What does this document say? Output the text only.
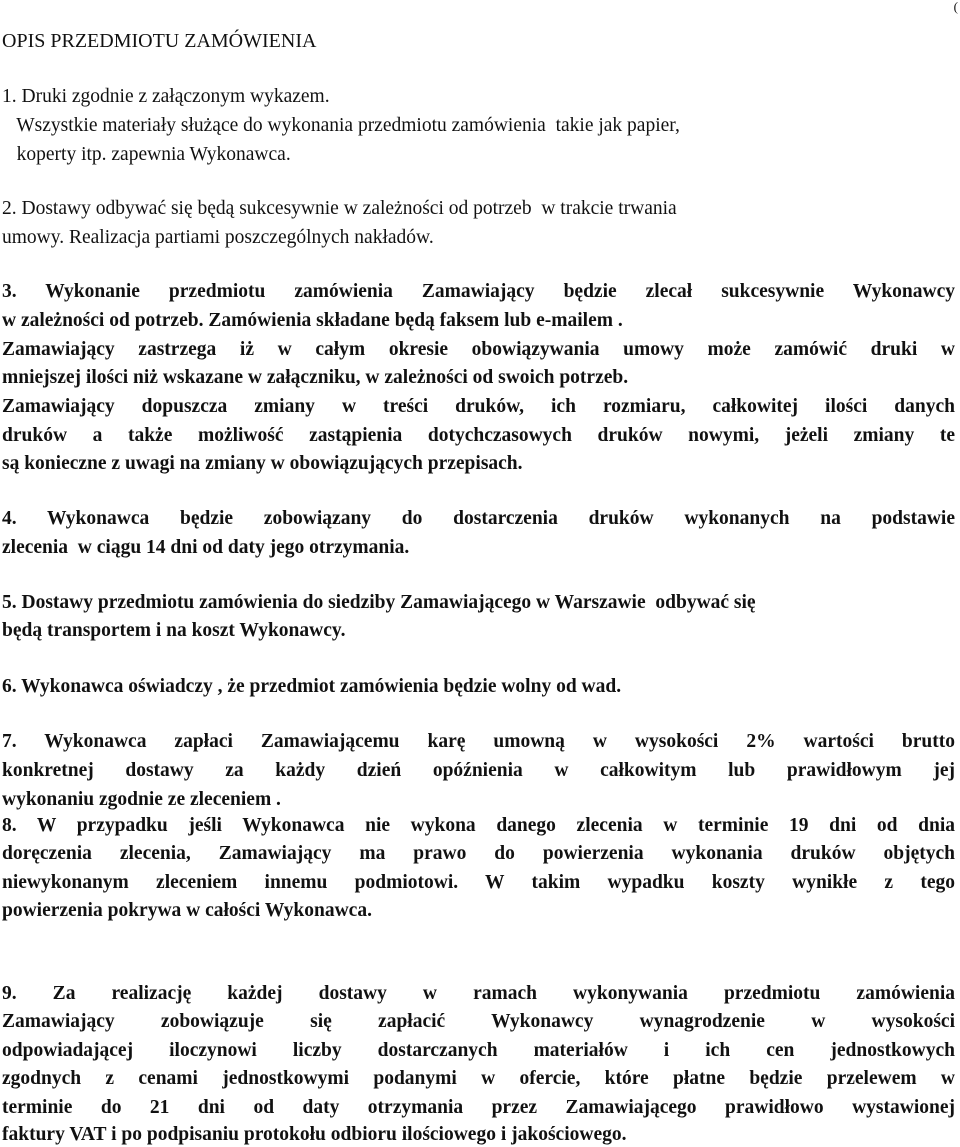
(
OPIS PRZEDMIOTU ZAMÓWIENIA
1. Druki zgodnie z załączonym wykazem.
Wszystkie materiały służące do wykonania przedmiotu zamówienia  takie jak papier,
koperty itp. zapewnia Wykonawca.
2. Dostawy odbywać się będą sukcesywnie w zależności od potrzeb  w trakcie trwania
umowy. Realizacja partiami poszczególnych nakładów.
3. Wykonanie przedmiotu zamówienia Zamawiający będzie zlecał sukcesywnie Wykonawcy
w zależności od potrzeb. Zamówienia składane będą faksem lub e-mailem .
Zamawiający zastrzega iż w całym okresie obowiązywania umowy może zamówić druki w
mniejszej ilości niż wskazane w załączniku, w zależności od swoich potrzeb.
Zamawiający dopuszcza zmiany w treści druków, ich rozmiaru, całkowitej ilości danych
druków a także możliwość zastąpienia dotychczasowych druków nowymi, jeżeli zmiany te
są konieczne z uwagi na zmiany w obowiązujących przepisach.
4. Wykonawca będzie zobowiązany do dostarczenia druków wykonanych na podstawie
zlecenia  w ciągu 14 dni od daty jego otrzymania.
5. Dostawy przedmiotu zamówienia do siedziby Zamawiającego w Warszawie  odbywać się
będą transportem i na koszt Wykonawcy.
6. Wykonawca oświadczy , że przedmiot zamówienia będzie wolny od wad.
7. Wykonawca zapłaci Zamawiającemu karę umowną w wysokości 2% wartości brutto
konkretnej dostawy za każdy dzień opóźnienia w całkowitym lub prawidłowym jej
wykonaniu zgodnie ze zleceniem .
8. W przypadku jeśli Wykonawca nie wykona danego zlecenia w terminie 19 dni od dnia
doręczenia zlecenia, Zamawiający ma prawo do powierzenia wykonania druków objętych
niewykonanym zleceniem innemu podmiotowi. W takim wypadku koszty wynikłe z tego
powierzenia pokrywa w całości Wykonawca.
9. Za realizację każdej dostawy w ramach wykonywania przedmiotu zamówienia
Zamawiający zobowiązuje się zapłacić Wykonawcy wynagrodzenie w wysokości
odpowiadającej iloczynowi liczby dostarczanych materiałów i ich cen jednostkowych
zgodnych z cenami jednostkowymi podanymi w ofercie, które płatne będzie przelewem w
terminie do 21 dni od daty otrzymania przez Zamawiającego prawidłowo wystawionej
faktury VAT i po podpisaniu protokołu odbioru ilościowego i jakościowego.
